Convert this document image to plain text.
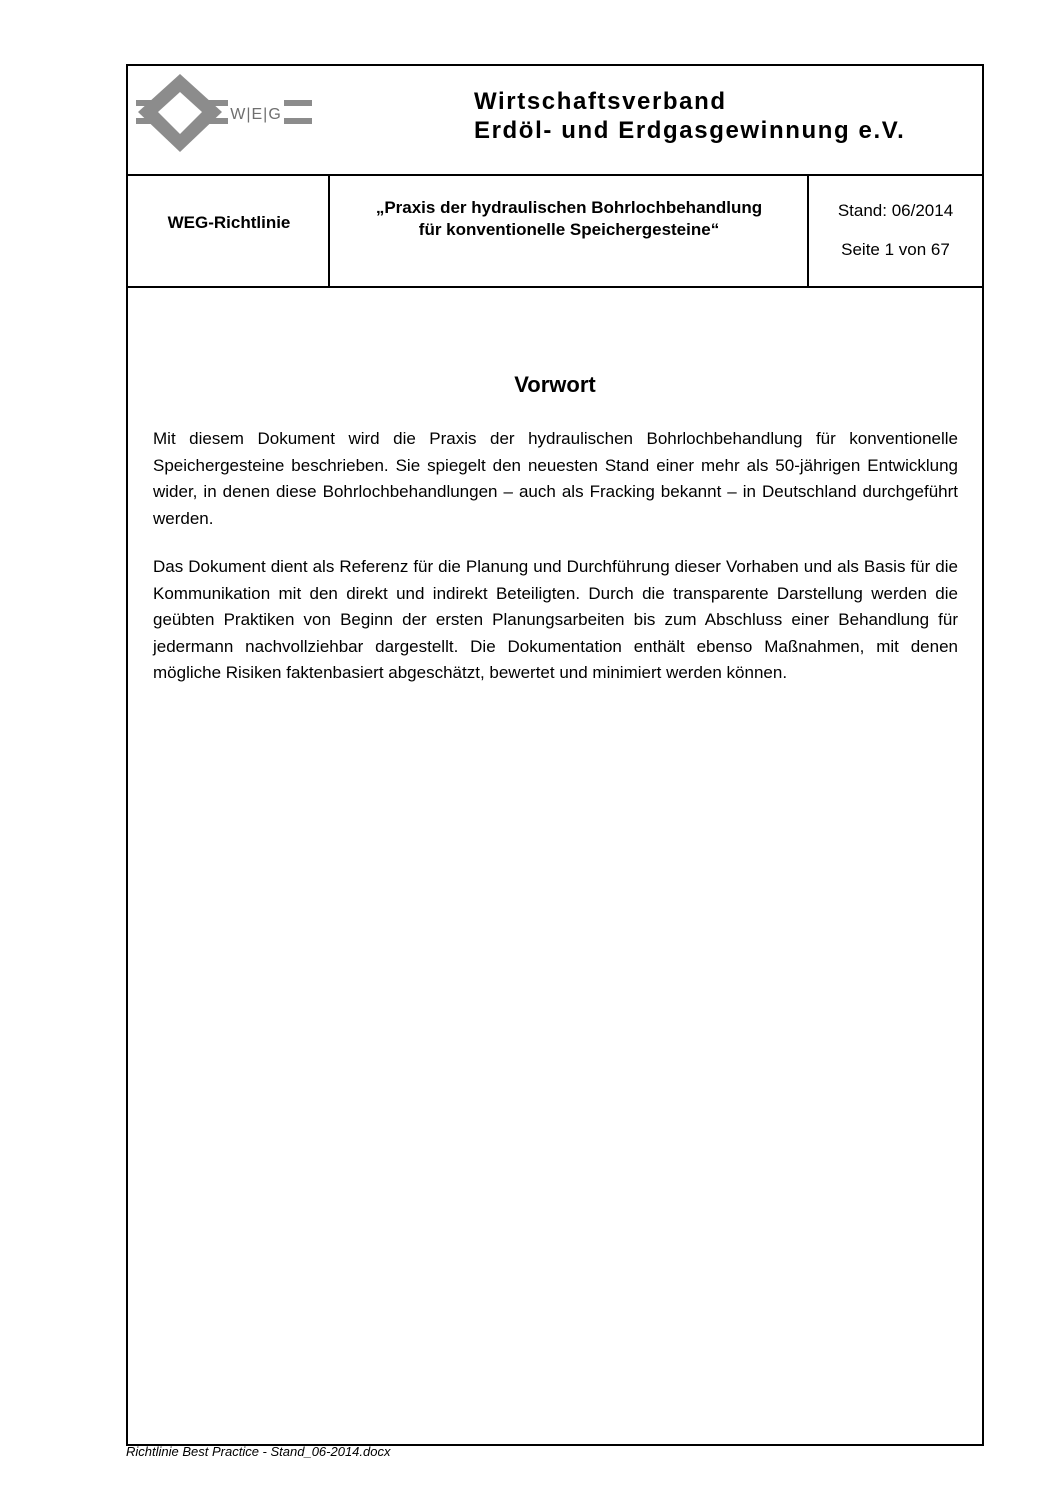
W|E|G	Wirtschaftsverband
Erdöl- und Erdgasgewinnung e.V.
WEG-Richtlinie
„Praxis der hydraulischen Bohrlochbehandlung
für konventionelle Speichergesteine“
Stand: 06/2014
Seite 1 von 67
Vorwort

Mit diesem Dokument wird die Praxis der hydraulischen Bohrlochbehandlung für konventionelle Speichergesteine beschrieben. Sie spiegelt den neuesten Stand einer mehr als 50-jährigen Entwicklung wider, in denen diese Bohrlochbehandlungen – auch als Fracking bekannt – in Deutschland durchgeführt werden.

Das Dokument dient als Referenz für die Planung und Durchführung dieser Vorhaben und als Basis für die Kommunikation mit den direkt und indirekt Beteiligten. Durch die transparente Darstellung werden die geübten Praktiken von Beginn der ersten Planungsarbeiten bis zum Abschluss einer Behandlung für jedermann nachvollziehbar dargestellt. Die Dokumentation enthält ebenso Maßnahmen, mit denen mögliche Risiken faktenbasiert abgeschätzt, bewertet und minimiert werden können.

Richtlinie Best Practice - Stand_06-2014.docx
